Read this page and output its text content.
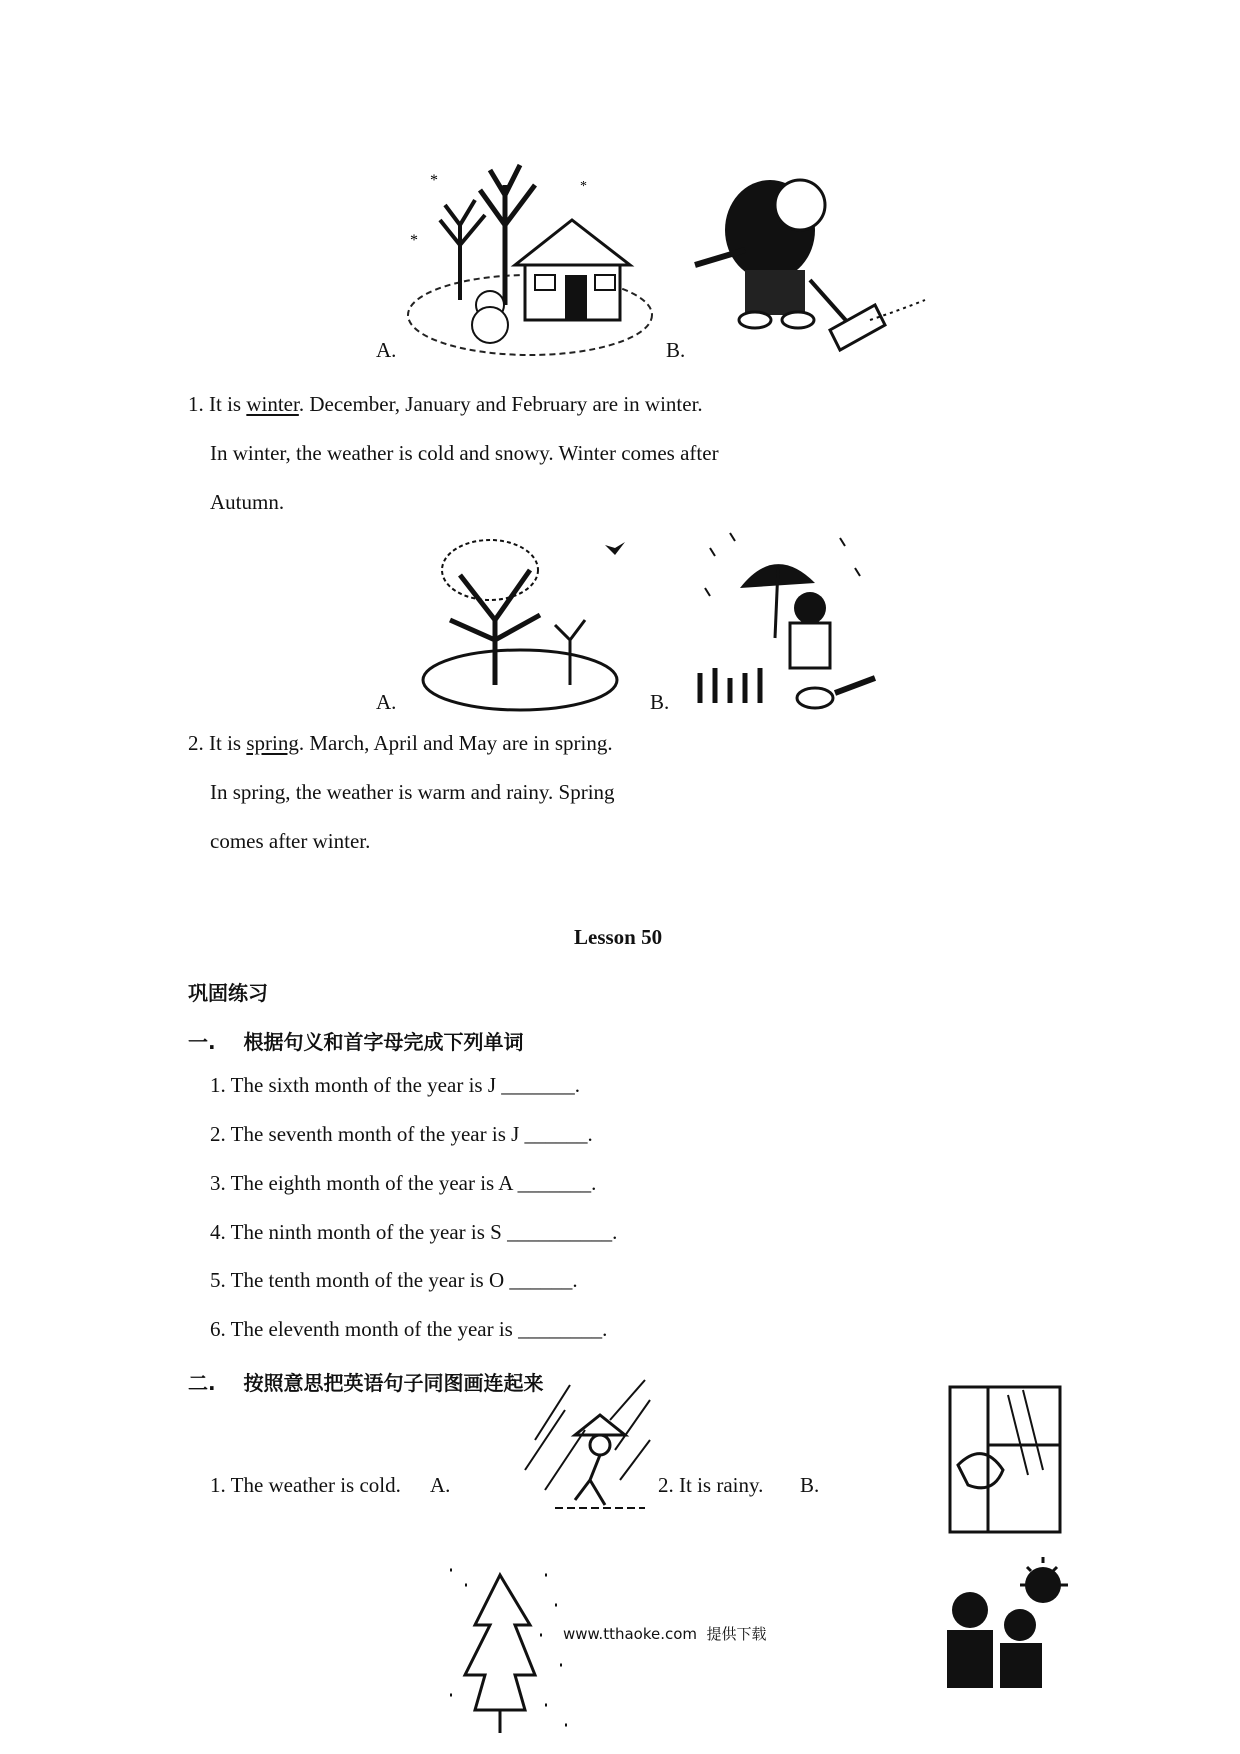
*
*	*
A.	B.
1. It is winter. December, January and February are in winter.
In winter, the weather is cold and snowy. Winter comes after
Autumn.
A.	B.
2. It is spring. March, April and May are in spring.
In spring, the weather is warm and rainy. Spring
comes after winter.
Lesson 50
巩固练习
一.    根据句义和首字母完成下列单词
1. The sixth month of the year is J _______.
2. The seventh month of the year is J ______.
3. The eighth month of the year is A _______.
4. The ninth month of the year is S __________.
5. The tenth month of the year is O ______.
6. The eleventh month of the year is ________.
二.    按照意思把英语句子同图画连起来
1. The weather is cold. A.	2. It is rainy. B.
www.tthaoke.com  提供下载
